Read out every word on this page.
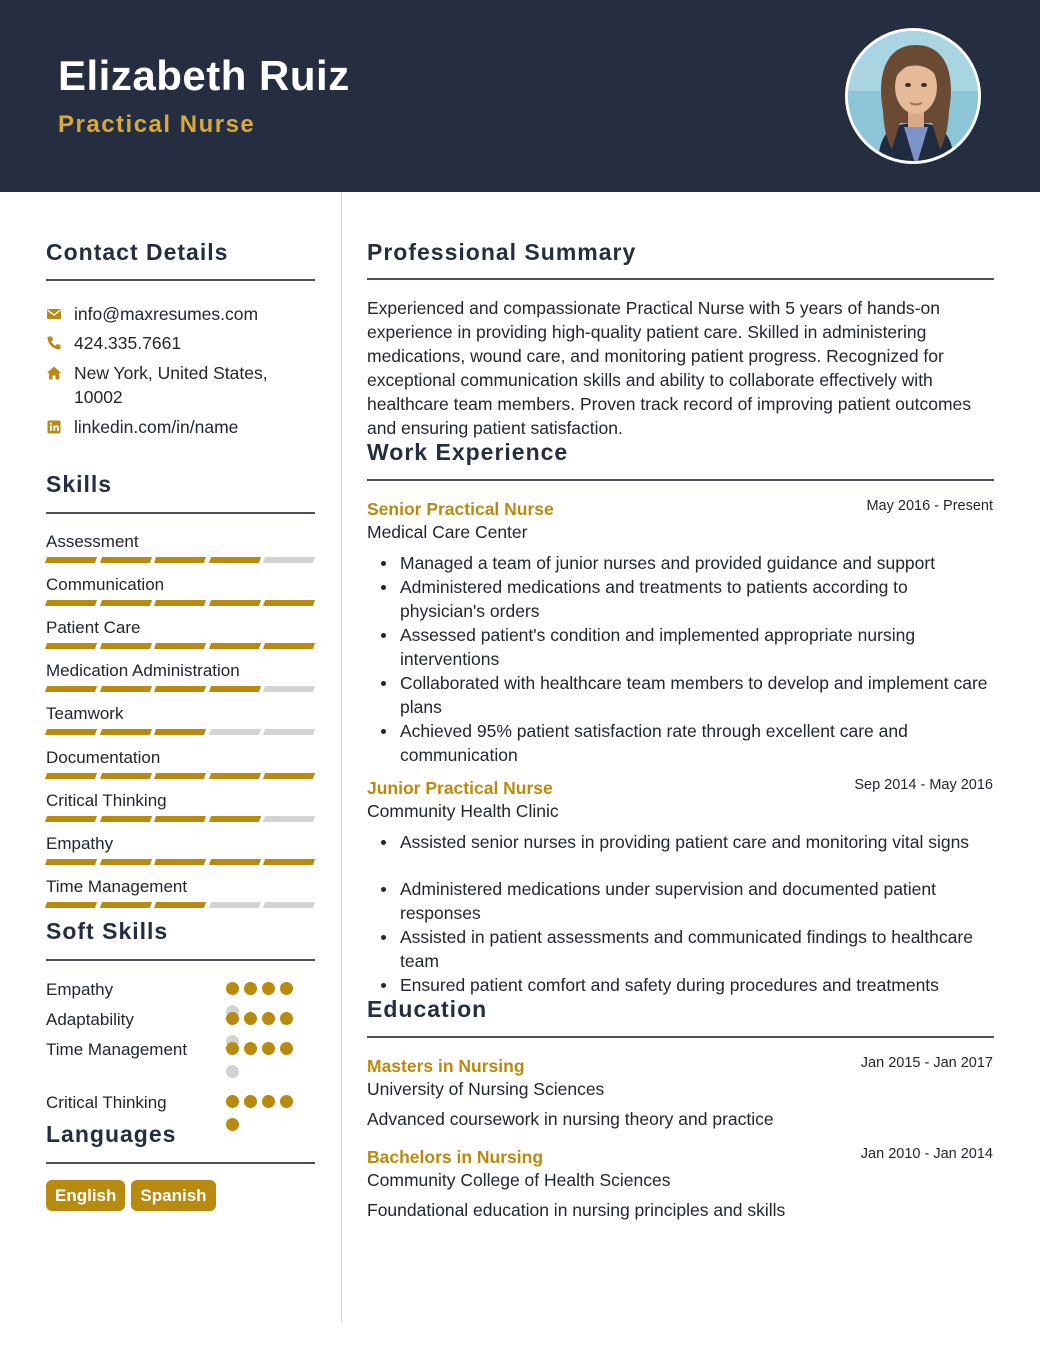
Elizabeth Ruiz
Practical Nurse
Contact Details
info@maxresumes.com
424.335.7661
New York, United States,
10002
linkedin.com/in/name
Skills
Assessment
Communication
Patient Care
Medication Administration
Teamwork
Documentation
Critical Thinking
Empathy
Time Management
Soft Skills
Empathy
Adaptability
Time Management
Critical Thinking
Languages
English	Spanish
Professional Summary
Experienced and compassionate Practical Nurse with 5 years of hands-on experience in providing high-quality patient care. Skilled in administering medications, wound care, and monitoring patient progress. Recognized for exceptional communication skills and ability to collaborate effectively with healthcare team members. Proven track record of improving patient outcomes and ensuring patient satisfaction.
Work Experience
Senior Practical Nurse	May 2016 - Present
Medical Care Center
Managed a team of junior nurses and provided guidance and support
Administered medications and treatments to patients according to physician's orders
Assessed patient's condition and implemented appropriate nursing interventions
Collaborated with healthcare team members to develop and implement care plans
Achieved 95% patient satisfaction rate through excellent care and communication
Junior Practical Nurse	Sep 2014 - May 2016
Community Health Clinic
Assisted senior nurses in providing patient care and monitoring vital signs
Administered medications under supervision and documented patient responses
Assisted in patient assessments and communicated findings to healthcare team
Ensured patient comfort and safety during procedures and treatments
Education
Masters in Nursing	Jan 2015 - Jan 2017
University of Nursing Sciences
Advanced coursework in nursing theory and practice
Bachelors in Nursing	Jan 2010 - Jan 2014
Community College of Health Sciences
Foundational education in nursing principles and skills
